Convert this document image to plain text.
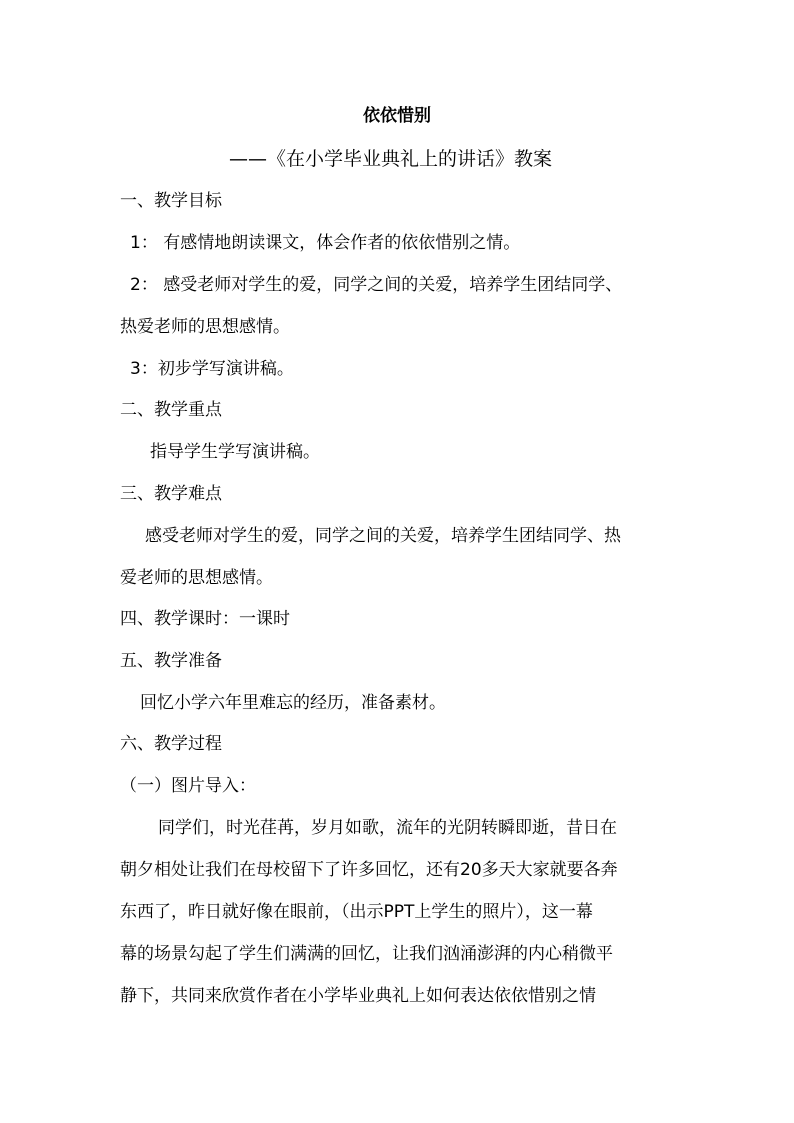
依依惜别
——《在小学毕业典礼上的讲话》教案
一、教学目标
1： 有感情地朗读课文，体会作者的依依惜别之情。
2： 感受老师对学生的爱，同学之间的关爱，培养学生团结同学、
热爱老师的思想感情。
3：初步学写演讲稿。
二、教学重点
指导学生学写演讲稿。
三、教学难点
感受老师对学生的爱，同学之间的关爱，培养学生团结同学、热
爱老师的思想感情。
四、教学课时：一课时
五、教学准备
回忆小学六年里难忘的经历，准备素材。
六、教学过程
（一）图片导入：
同学们，时光荏苒，岁月如歌，流年的光阴转瞬即逝，昔日在
朝夕相处让我们在母校留下了许多回忆，还有20多天大家就要各奔
东西了，昨日就好像在眼前，（出示PPT上学生的照片），这一幕
幕的场景勾起了学生们满满的回忆，让我们汹涌澎湃的内心稍微平
静下，共同来欣赏作者在小学毕业典礼上如何表达依依惜别之情
